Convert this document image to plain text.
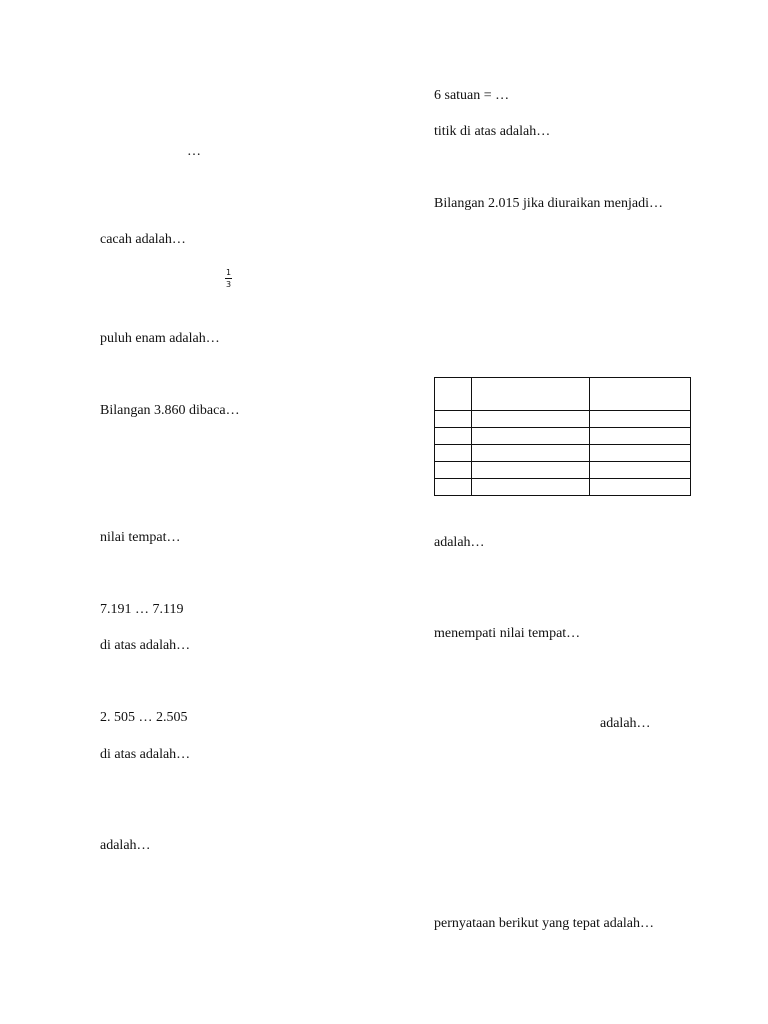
…
cacah adalah…
1
3
puluh enam adalah…
Bilangan 3.860 dibaca…
nilai tempat…
7.191 … 7.119
di atas adalah…
2. 505 … 2.505
di atas adalah…
adalah…
6 satuan = …
titik di atas adalah…
Bilangan 2.015 jika diuraikan menjadi…

adalah…
menempati nilai tempat…
adalah…
pernyataan berikut yang tepat adalah…
